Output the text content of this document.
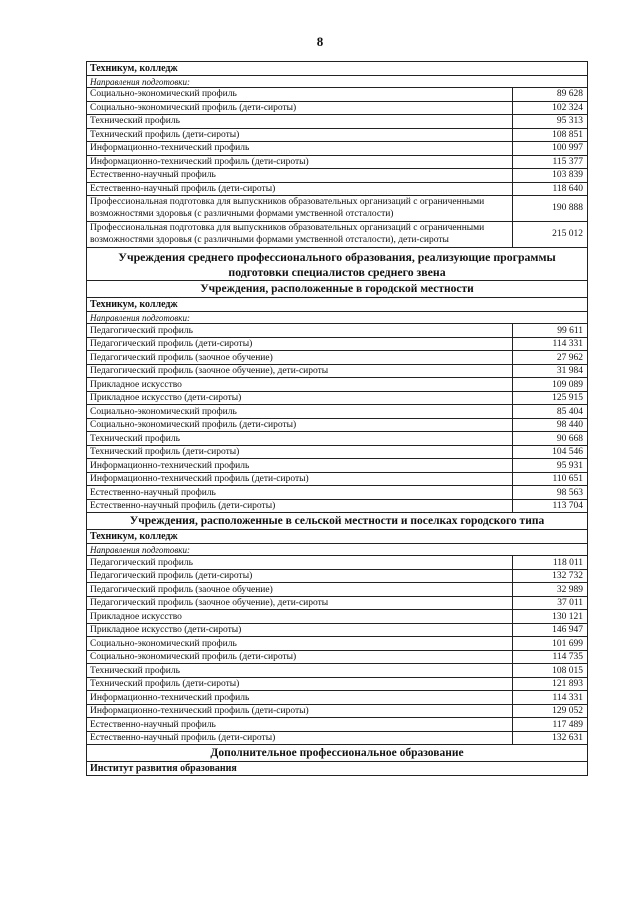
8
Техникум, колледж	
Направления подготовки:	
Социально-экономический профиль	89 628
Социально-экономический профиль (дети-сироты)	102 324
Технический профиль	95 313
Технический профиль (дети-сироты)	108 851
Информационно-технический профиль	100 997
Информационно-технический профиль (дети-сироты)	115 377
Естественно-научный профиль	103 839
Естественно-научный профиль (дети-сироты)	118 640
Профессиональная подготовка для выпускников образовательных организаций с ограниченными возможностями здоровья (с различными формами умственной отсталости)	190 888
Профессиональная подготовка для выпускников образовательных организаций с ограниченными возможностями здоровья (с различными формами умственной отсталости), дети-сироты	215 012
Учреждения среднего профессионального образования, реализующие программы подготовки специалистов среднего звена	
Учреждения, расположенные в городской местности	
Техникум, колледж	
Направления подготовки:	
Педагогический профиль	99 611
Педагогический профиль (дети-сироты)	114 331
Педагогический профиль (заочное обучение)	27 962
Педагогический профиль (заочное обучение), дети-сироты	31 984
Прикладное искусство	109 089
Прикладное искусство (дети-сироты)	125 915
Социально-экономический профиль	85 404
Социально-экономический профиль (дети-сироты)	98 440
Технический профиль	90 668
Технический профиль (дети-сироты)	104 546
Информационно-технический профиль	95 931
Информационно-технический профиль (дети-сироты)	110 651
Естественно-научный профиль	98 563
Естественно-научный профиль (дети-сироты)	113 704
Учреждения, расположенные в сельской местности и поселках городского типа	
Техникум, колледж	
Направления подготовки:	
Педагогический профиль	118 011
Педагогический профиль (дети-сироты)	132 732
Педагогический профиль (заочное обучение)	32 989
Педагогический профиль (заочное обучение), дети-сироты	37 011
Прикладное искусство	130 121
Прикладное искусство (дети-сироты)	146 947
Социально-экономический профиль	101 699
Социально-экономический профиль (дети-сироты)	114 735
Технический профиль	108 015
Технический профиль (дети-сироты)	121 893
Информационно-технический профиль	114 331
Информационно-технический профиль (дети-сироты)	129 052
Естественно-научный профиль	117 489
Естественно-научный профиль (дети-сироты)	132 631
Дополнительное профессиональное образование	
Институт развития образования	
